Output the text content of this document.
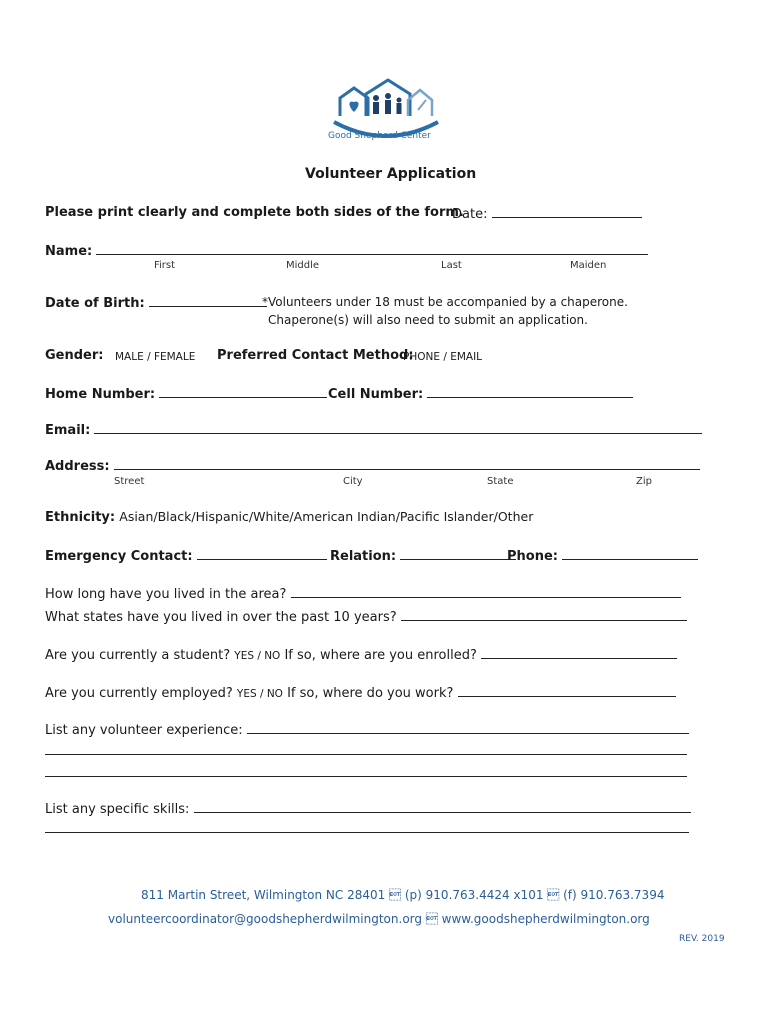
Good Shepherd Center
Volunteer Application
Please print clearly and complete both sides of the form.
Date:
Name:
First	Middle	Last	Maiden
Date of Birth:	*Volunteers under 18 must be accompanied by a chaperone.
Chaperone(s) will also need to submit an application.
Gender: MALE / FEMALE Preferred Contact Method:
PHONE / EMAIL
Home Number:	Cell Number:
Email:
Address:
Street	City	State	Zip
Ethnicity: Asian/Black/Hispanic/White/American Indian/Pacific Islander/Other
Emergency Contact:	Relation:	Phone:
How long have you lived in the area?
What states have you lived in over the past 10 years?
Are you currently a student? YES / NO If so, where are you enrolled?
Are you currently employed? YES / NO If so, where do you work?
List any volunteer experience:
List any specific skills:
811 Martin Street, Wilmington NC 28401  (p) 910.763.4424 x101  (f) 910.763.7394
volunteercoordinator@goodshepherdwilmington.org  www.goodshepherdwilmington.org
REV. 2019
